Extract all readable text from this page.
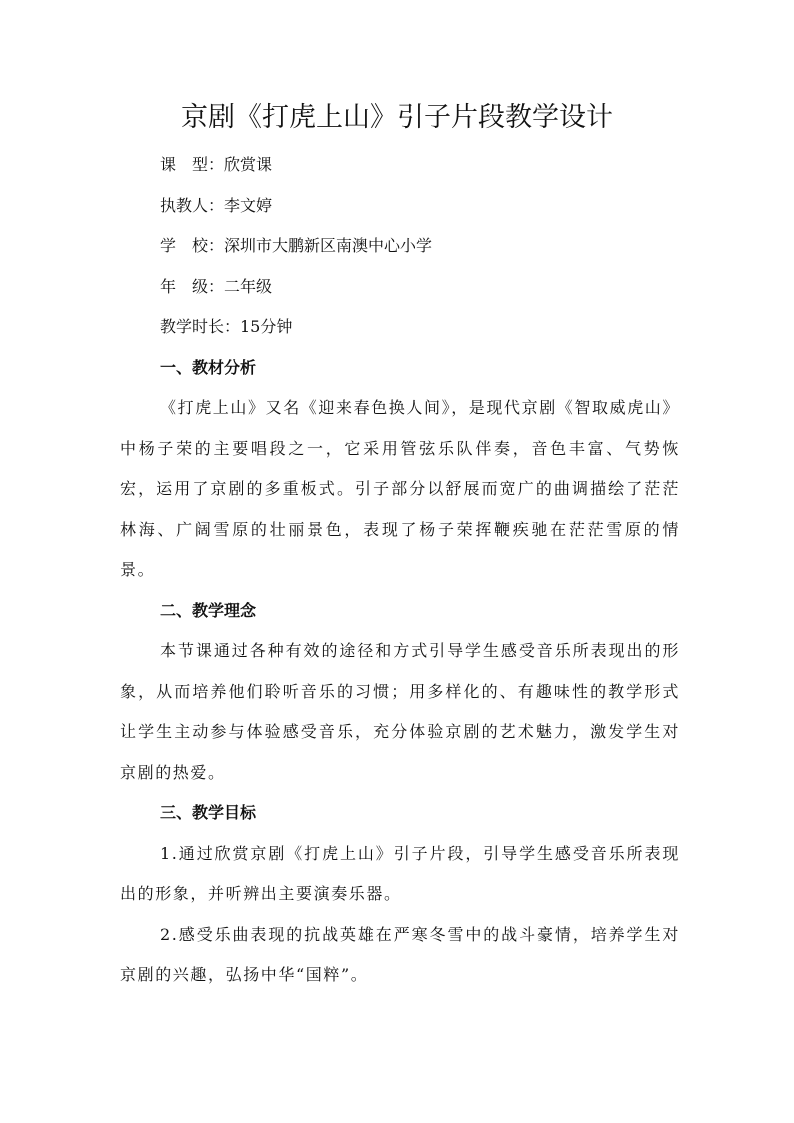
京剧《打虎上山》引子片段教学设计

课　型：欣赏课

执教人：李文婷

学　校：深圳市大鹏新区南澳中心小学

年　级：二年级

教学时长：15分钟

一、教材分析

《打虎上山》又名《迎来春色换人间》，是现代京剧《智取威虎山》中杨子荣的主要唱段之一，它采用管弦乐队伴奏，音色丰富、气势恢宏，运用了京剧的多重板式。引子部分以舒展而宽广的曲调描绘了茫茫林海、广阔雪原的壮丽景色，表现了杨子荣挥鞭疾驰在茫茫雪原的情景。

二、教学理念

本节课通过各种有效的途径和方式引导学生感受音乐所表现出的形象，从而培养他们聆听音乐的习惯；用多样化的、有趣味性的教学形式让学生主动参与体验感受音乐，充分体验京剧的艺术魅力，激发学生对京剧的热爱。

三、教学目标

1.通过欣赏京剧《打虎上山》引子片段，引导学生感受音乐所表现出的形象，并听辨出主要演奏乐器。

2.感受乐曲表现的抗战英雄在严寒冬雪中的战斗豪情，培养学生对京剧的兴趣，弘扬中华“国粹”。
